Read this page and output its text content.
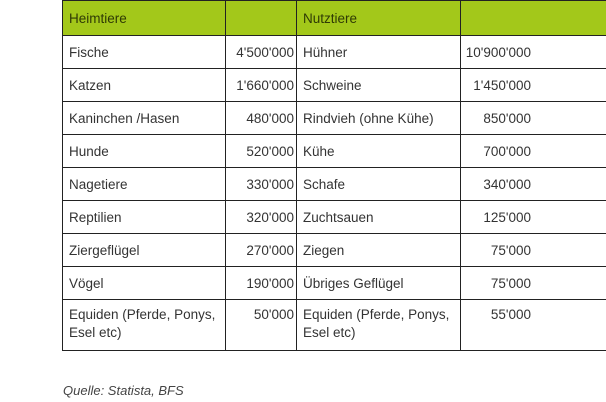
Heimtiere		Nutztiere	
Fische	4'500'000	Hühner	10'900'000
Katzen	1'660'000	Schweine	1'450'000
Kaninchen /Hasen	480'000	Rindvieh (ohne Kühe)	850'000
Hunde	520'000	Kühe	700'000
Nagetiere	330'000	Schafe	340'000
Reptilien	320'000	Zuchtsauen	125'000
Ziergeflügel	270'000	Ziegen	75'000
Vögel	190'000	Übriges Geflügel	75'000
Equiden (Pferde, Ponys, Esel etc)	50'000	Equiden (Pferde, Ponys, Esel etc)	55'000
Quelle: Statista, BFS
